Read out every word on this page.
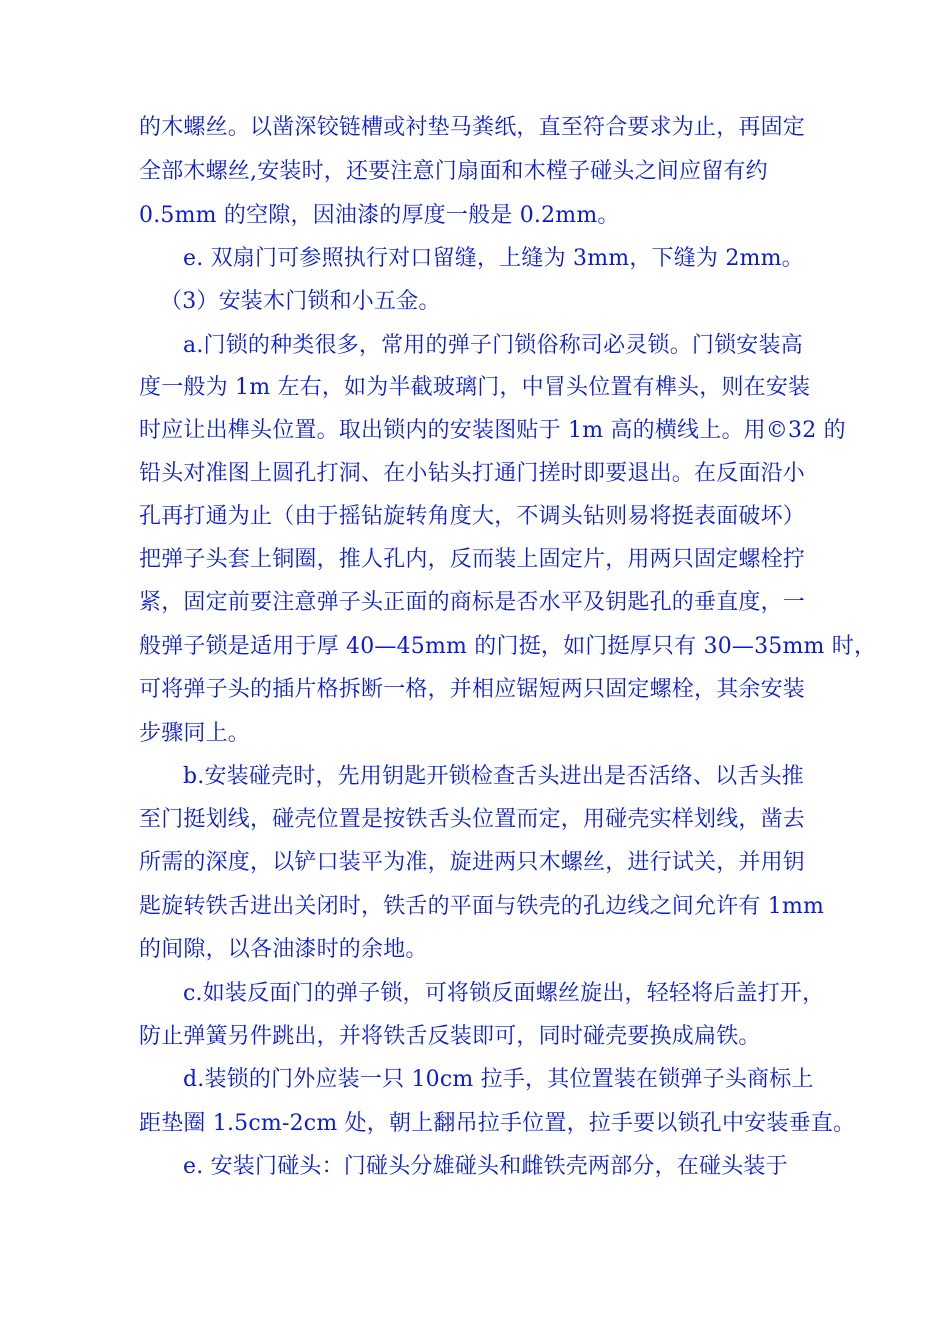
的木螺丝。以凿深铰链槽或衬垫马粪纸，直至符合要求为止，再固定
全部木螺丝,安装时，还要注意门扇面和木樘子碰头之间应留有约
0.5mm 的空隙，因油漆的厚度一般是 0.2mm。
e. 双扇门可参照执行对口留缝，上缝为 3mm，下缝为 2mm。
（3）安装木门锁和小五金。
a.门锁的种类很多，常用的弹子门锁俗称司必灵锁。门锁安装高
度一般为 1m 左右，如为半截玻璃门，中冒头位置有榫头，则在安装
时应让出榫头位置。取出锁内的安装图贴于 1m 高的横线上。用©32 的
铅头对准图上圆孔打洞、在小钻头打通门搓时即要退出。在反面沿小
孔再打通为止（由于摇钻旋转角度大，不调头钻则易将挺表面破坏）
把弹子头套上铜圈，推人孔内，反而装上固定片，用两只固定螺栓拧
紧，固定前要注意弹子头正面的商标是否水平及钥匙孔的垂直度，一
般弹子锁是适用于厚 40—45mm 的门挺，如门挺厚只有 30—35mm 时，
可将弹子头的插片格拆断一格，并相应锯短两只固定螺栓，其余安装
步骤同上。
b.安装碰壳时，先用钥匙开锁检查舌头进出是否活络、以舌头推
至门挺划线，碰壳位置是按铁舌头位置而定，用碰壳实样划线，凿去
所需的深度，以铲口装平为准，旋进两只木螺丝，进行试关，并用钥
匙旋转铁舌进出关闭时，铁舌的平面与铁壳的孔边线之间允许有 1mm
的间隙，以各油漆时的余地。
c.如装反面门的弹子锁，可将锁反面螺丝旋出，轻轻将后盖打开，
防止弹簧另件跳出，并将铁舌反装即可，同时碰壳要换成扁铁。
d.装锁的门外应装一只 10cm 拉手，其位置装在锁弹子头商标上
距垫圈 1.5cm-2cm 处，朝上翻吊拉手位置，拉手要以锁孔中安装垂直。
e. 安装门碰头：门碰头分雄碰头和雌铁壳两部分，在碰头装于
